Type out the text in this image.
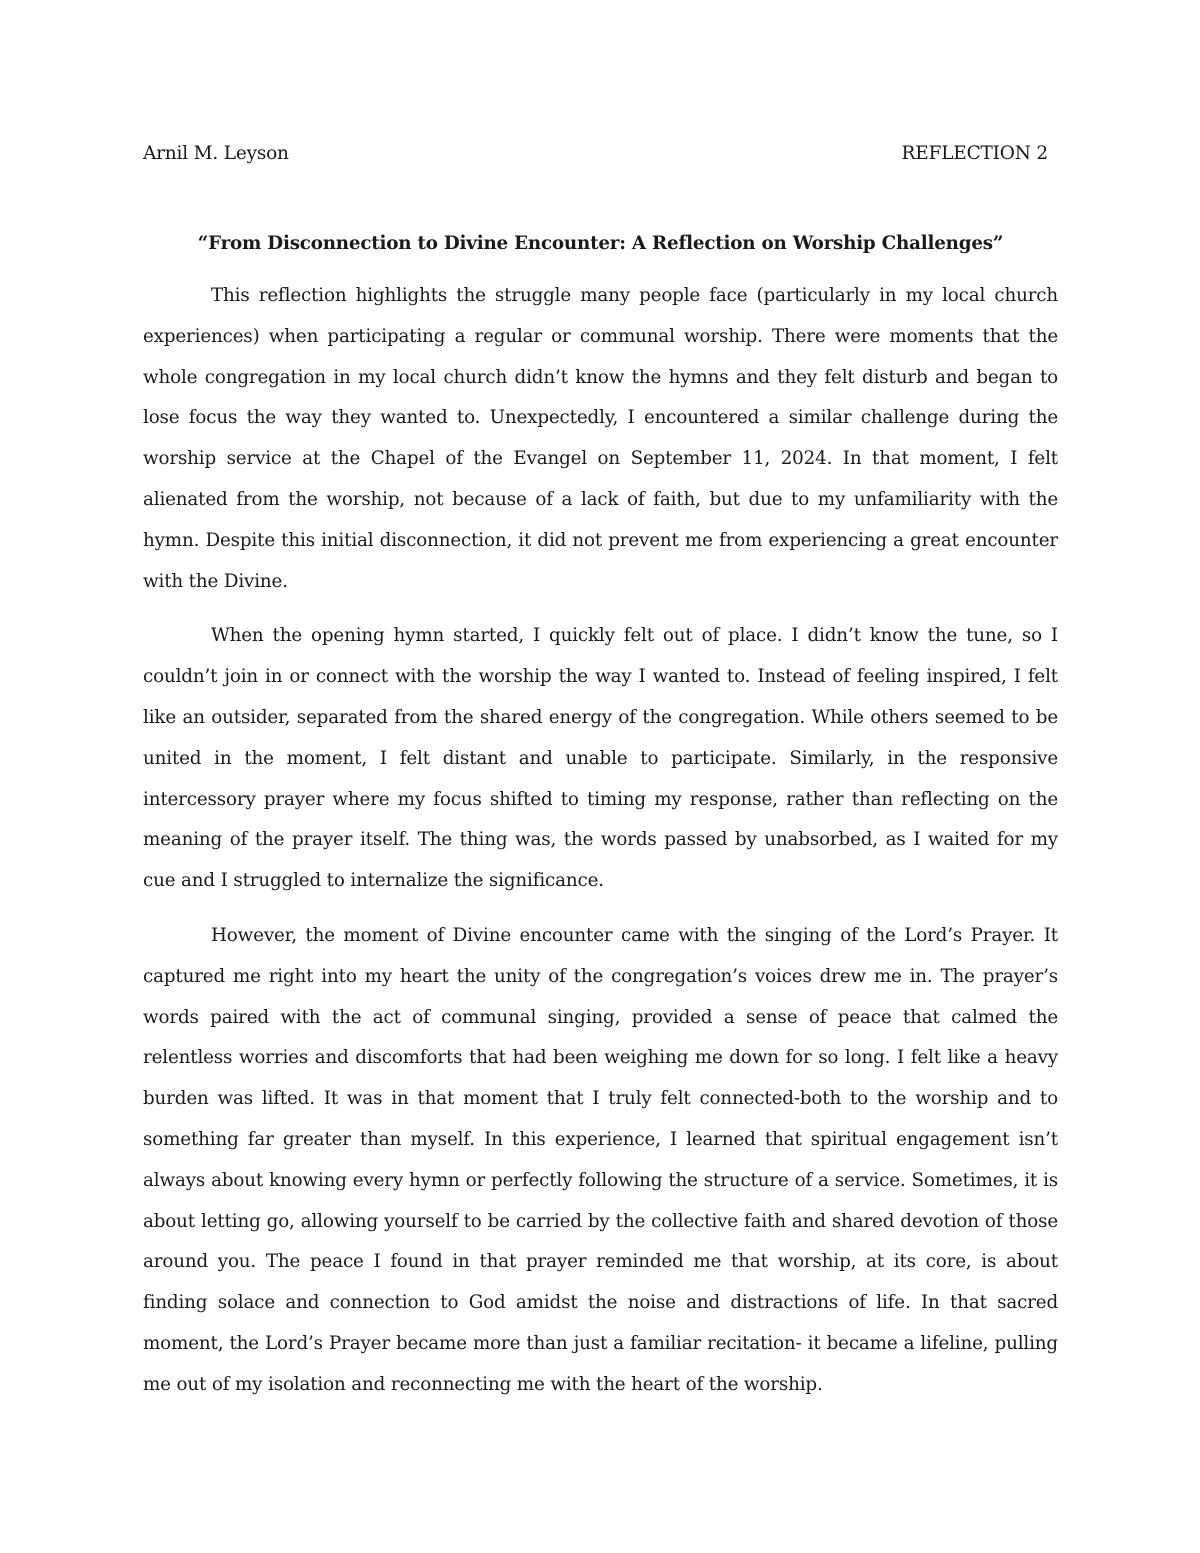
Arnil M. Leyson	REFLECTION 2
“From Disconnection to Divine Encounter: A Reflection on Worship Challenges”

This reflection highlights the struggle many people face (particularly in my local church experiences) when participating a regular or communal worship. There were moments that the whole congregation in my local church didn’t know the hymns and they felt disturb and began to lose focus the way they wanted to. Unexpectedly, I encountered a similar challenge during the worship service at the Chapel of the Evangel on September 11, 2024. In that moment, I felt alienated from the worship, not because of a lack of faith, but due to my unfamiliarity with the hymn. Despite this initial disconnection, it did not prevent me from experiencing a great encounter with the Divine.

When the opening hymn started, I quickly felt out of place. I didn’t know the tune, so I couldn’t join in or connect with the worship the way I wanted to. Instead of feeling inspired, I felt like an outsider, separated from the shared energy of the congregation. While others seemed to be united in the moment, I felt distant and unable to participate. Similarly, in the responsive intercessory prayer where my focus shifted to timing my response, rather than reflecting on the meaning of the prayer itself. The thing was, the words passed by unabsorbed, as I waited for my cue and I struggled to internalize the significance.

However, the moment of Divine encounter came with the singing of the Lord’s Prayer. It captured me right into my heart the unity of the congregation’s voices drew me in. The prayer’s words paired with the act of communal singing, provided a sense of peace that calmed the relentless worries and discomforts that had been weighing me down for so long. I felt like a heavy burden was lifted. It was in that moment that I truly felt connected-both to the worship and to something far greater than myself. In this experience, I learned that spiritual engagement isn’t always about knowing every hymn or perfectly following the structure of a service. Sometimes, it is about letting go, allowing yourself to be carried by the collective faith and shared devotion of those around you. The peace I found in that prayer reminded me that worship, at its core, is about finding solace and connection to God amidst the noise and distractions of life. In that sacred moment, the Lord’s Prayer became more than just a familiar recitation- it became a lifeline, pulling me out of my isolation and reconnecting me with the heart of the worship.
